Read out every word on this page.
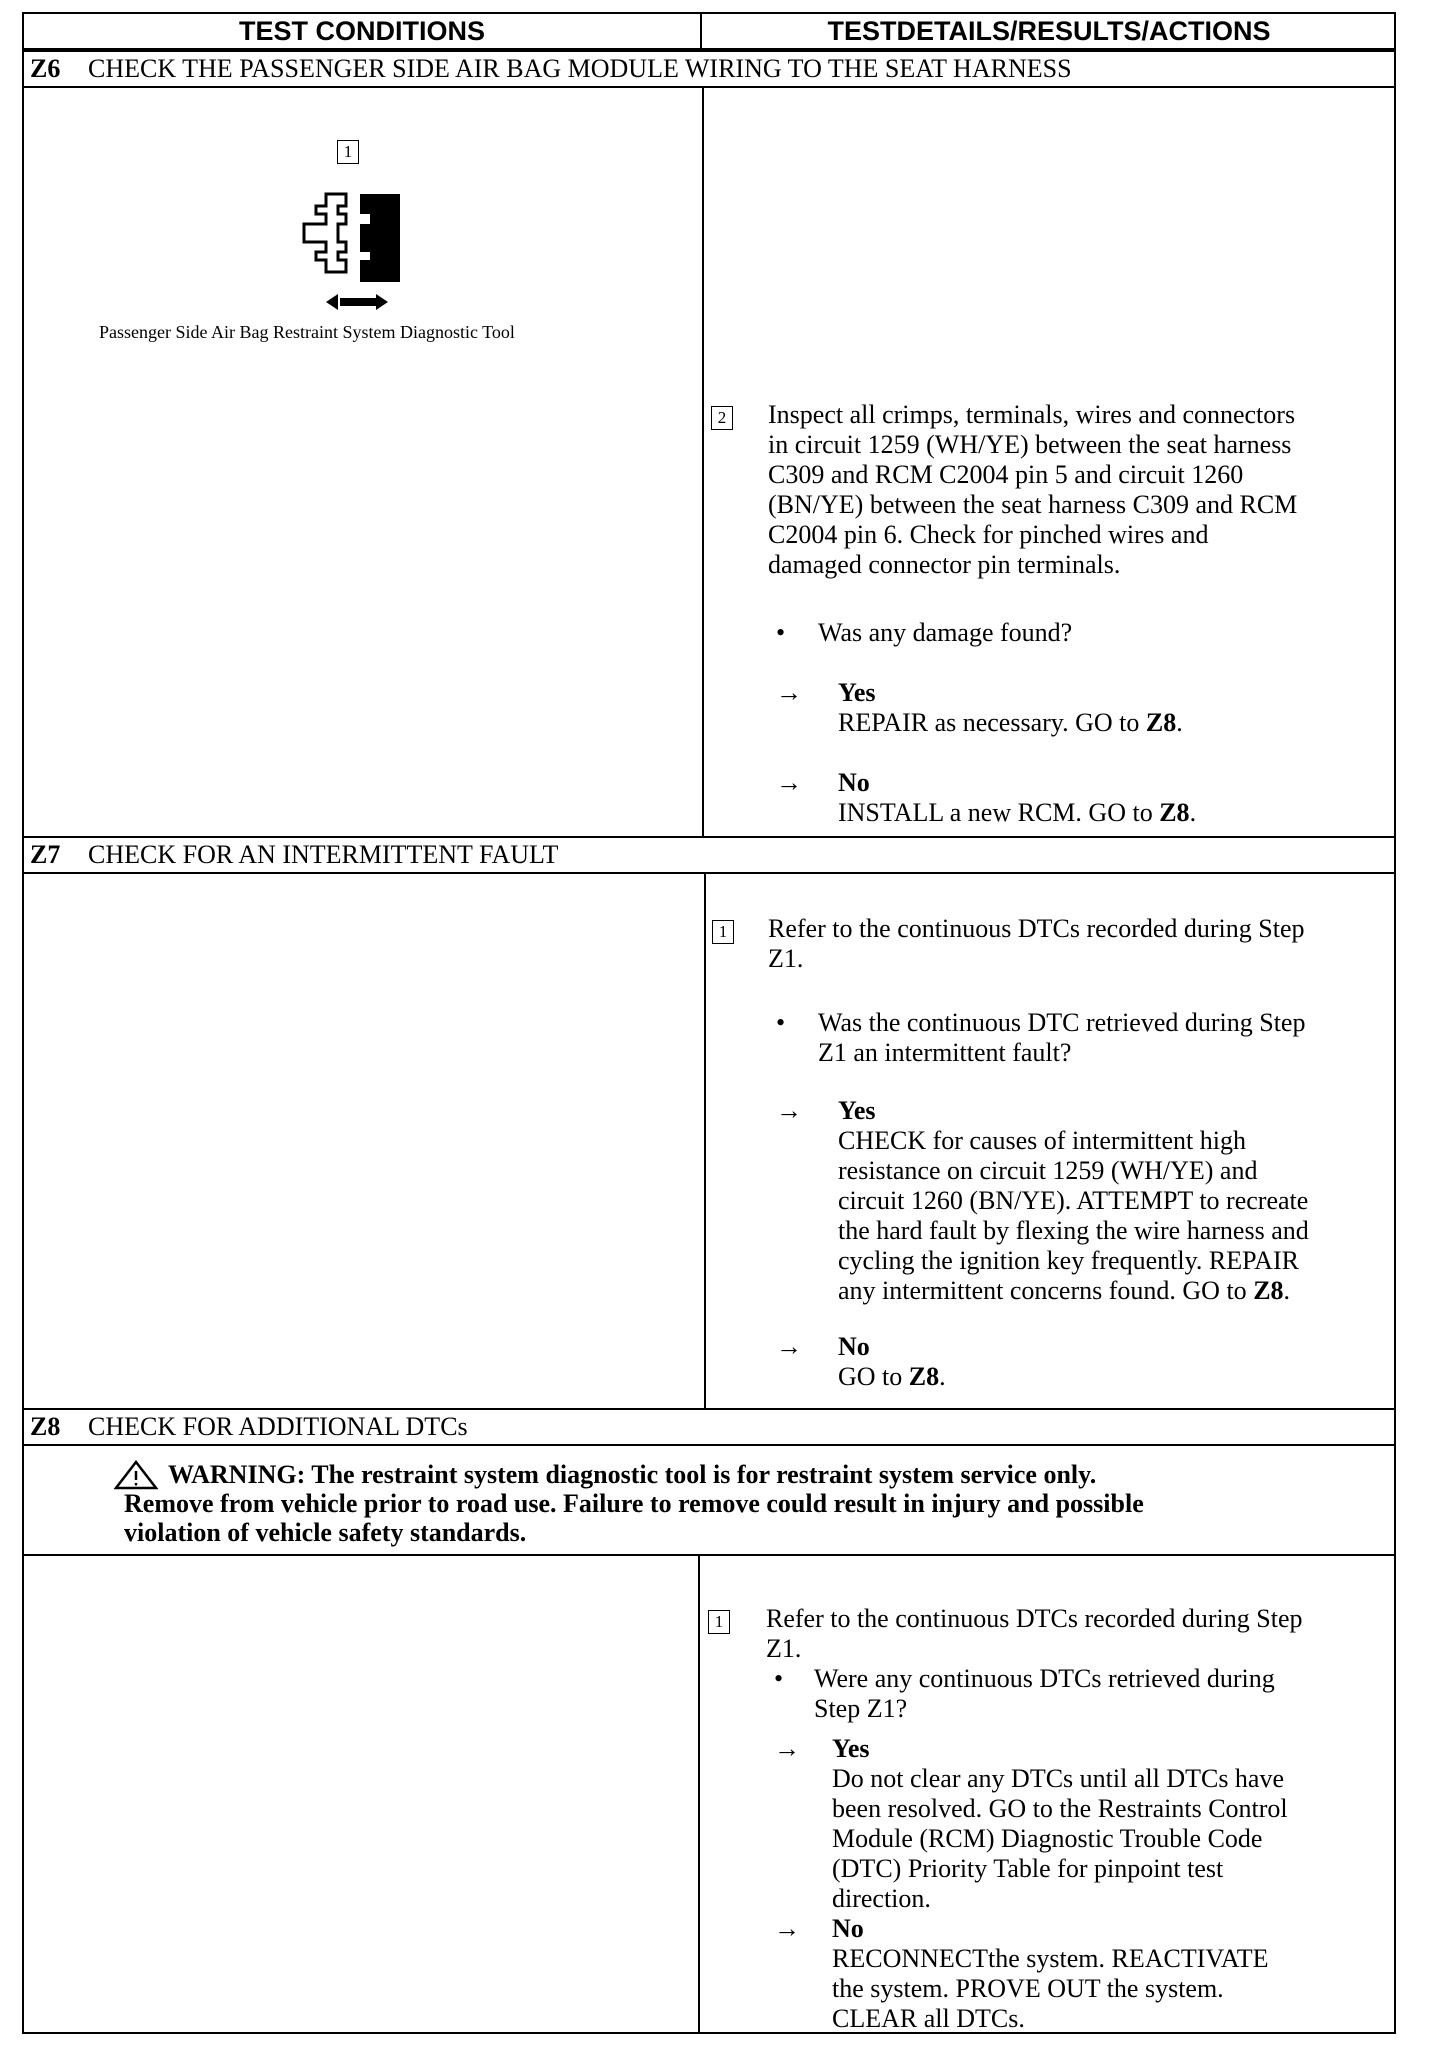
TEST CONDITIONS	TESTDETAILS/RESULTS/ACTIONS
Z6	CHECK THE PASSENGER SIDE AIR BAG MODULE WIRING TO THE SEAT HARNESS
1
Passenger Side Air Bag Restraint System Diagnostic Tool
2 Inspect all crimps, terminals, wires and connectors
in circuit 1259 (WH/YE) between the seat harness
C309 and RCM C2004 pin 5 and circuit 1260
(BN/YE) between the seat harness C309 and RCM
C2004 pin 6. Check for pinched wires and
damaged connector pin terminals.
• Was any damage found?
→ Yes
REPAIR as necessary. GO to Z8.
→ No
INSTALL a new RCM. GO to Z8.
Z7	CHECK FOR AN INTERMITTENT FAULT
1 Refer to the continuous DTCs recorded during Step
Z1.
• Was the continuous DTC retrieved during Step
Z1 an intermittent fault?
→ Yes
CHECK for causes of intermittent high
resistance on circuit 1259 (WH/YE) and
circuit 1260 (BN/YE). ATTEMPT to recreate
the hard fault by flexing the wire harness and
cycling the ignition key frequently. REPAIR
any intermittent concerns found. GO to Z8.
→ No
GO to Z8.
Z8	CHECK FOR ADDITIONAL DTCs
WARNING: The restraint system diagnostic tool is for restraint system service only.
Remove from vehicle prior to road use. Failure to remove could result in injury and possible
violation of vehicle safety standards.
1 Refer to the continuous DTCs recorded during Step
Z1.
• Were any continuous DTCs retrieved during
Step Z1?
→ Yes
Do not clear any DTCs until all DTCs have
been resolved. GO to the Restraints Control
Module (RCM) Diagnostic Trouble Code
(DTC) Priority Table for pinpoint test
direction.
→ No
RECONNECTthe system. REACTIVATE
the system. PROVE OUT the system.
CLEAR all DTCs.
